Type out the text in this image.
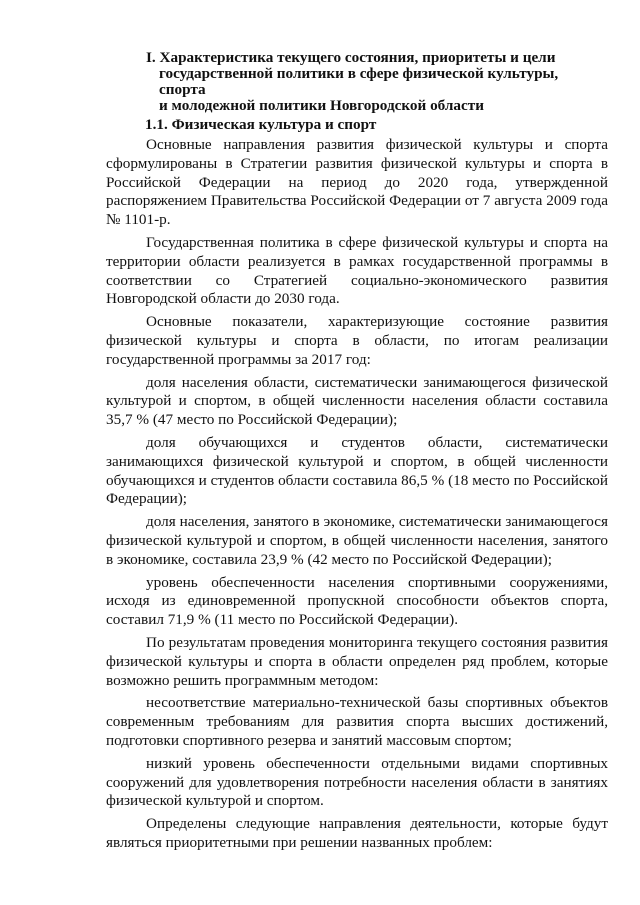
I. Характеристика текущего состояния, приоритеты и цели
государственной политики в сфере физической культуры, спорта
и молодежной политики Новгородской области
1.1. Физическая культура и спорт

Основные направления развития физической культуры и спорта сформулированы в Стратегии развития физической культуры и спорта в Российской Федерации на период до 2020 года, утвержденной распоряжением Правительства Российской Федерации от 7 августа 2009 года № 1101-р.

Государственная политика в сфере физической культуры и спорта на территории области реализуется в рамках государственной программы в соответствии со Стратегией социально-экономического развития Новгородской области до 2030 года.

Основные показатели, характеризующие состояние развития физической культуры и спорта в области, по итогам реализации государственной программы за 2017 год:

доля населения области, систематически занимающегося физической культурой и спортом, в общей численности населения области составила 35,7 % (47 место по Российской Федерации);

доля обучающихся и студентов области, систематически занимающихся физической культурой и спортом, в общей численности обучающихся и студентов области составила 86,5 % (18 место по Российской Федерации);

доля населения, занятого в экономике, систематически занимающегося физической культурой и спортом, в общей численности населения, занятого в экономике, составила 23,9 % (42 место по Российской Федерации);

уровень обеспеченности населения спортивными сооружениями, исходя из единовременной пропускной способности объектов спорта, составил 71,9 % (11 место по Российской Федерации).

По результатам проведения мониторинга текущего состояния развития физической культуры и спорта в области определен ряд проблем, которые возможно решить программным методом:

несоответствие материально-технической базы спортивных объектов современным требованиям для развития спорта высших достижений, подготовки спортивного резерва и занятий массовым спортом;

низкий уровень обеспеченности отдельными видами спортивных сооружений для удовлетворения потребности населения области в занятиях физической культурой и спортом.

Определены следующие направления деятельности, которые будут являться приоритетными при решении названных проблем:
